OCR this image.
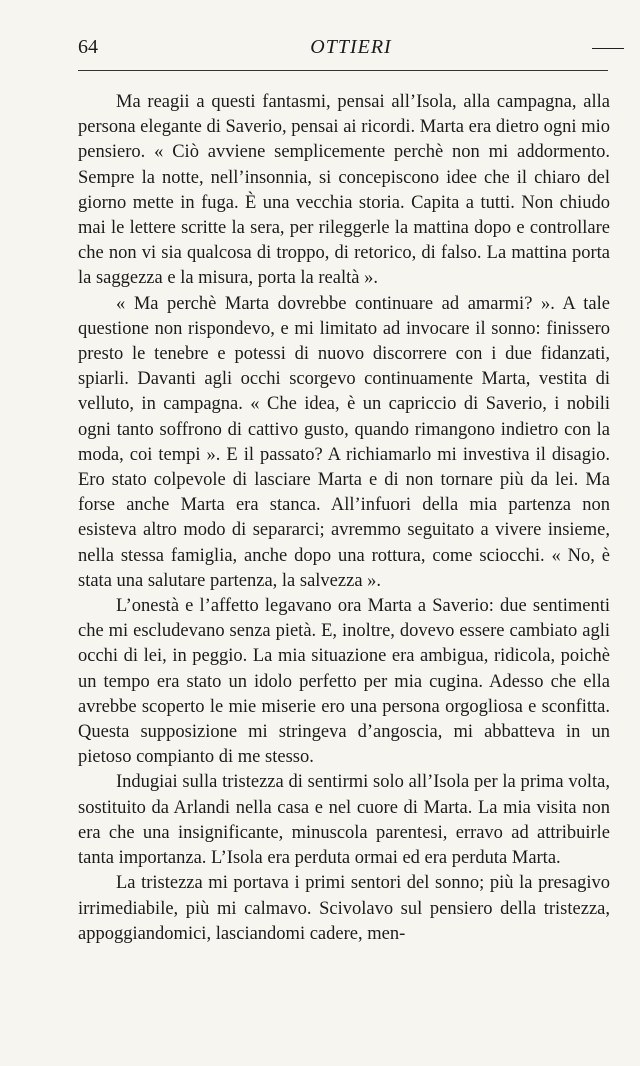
64	OTTIERI

Ma reagii a questi fantasmi, pensai all’Isola, alla campagna, alla persona elegante di Saverio, pensai ai ricordi. Marta era dietro ogni mio pensiero. « Ciò avviene semplicemente perchè non mi addormento. Sempre la notte, nell’insonnia, si concepiscono idee che il chiaro del giorno mette in fuga. È una vecchia storia. Capita a tutti. Non chiudo mai le lettere scritte la sera, per rileggerle la mattina dopo e controllare che non vi sia qualcosa di troppo, di retorico, di falso. La mattina porta la saggezza e la misura, porta la realtà ».

« Ma perchè Marta dovrebbe continuare ad amarmi? ». A tale questione non rispondevo, e mi limitato ad invocare il sonno: finissero presto le tenebre e potessi di nuovo discorrere con i due fidanzati, spiarli. Davanti agli occhi scorgevo continuamente Marta, vestita di velluto, in campagna. « Che idea, è un capriccio di Saverio, i nobili ogni tanto soffrono di cattivo gusto, quando rimangono indietro con la moda, coi tempi ». E il passato? A richiamarlo mi investiva il disagio. Ero stato colpevole di lasciare Marta e di non tornare più da lei. Ma forse anche Marta era stanca. All’infuori della mia partenza non esisteva altro modo di separarci; avremmo seguitato a vivere insieme, nella stessa famiglia, anche dopo una rottura, come sciocchi. « No, è stata una salutare partenza, la salvezza ».

L’onestà e l’affetto legavano ora Marta a Saverio: due sentimenti che mi escludevano senza pietà. E, inoltre, dovevo essere cambiato agli occhi di lei, in peggio. La mia situazione era ambigua, ridicola, poichè un tempo era stato un idolo perfetto per mia cugina. Adesso che ella avrebbe scoperto le mie miserie ero una persona orgogliosa e sconfitta. Questa supposizione mi stringeva d’angoscia, mi abbatteva in un pietoso compianto di me stesso.

Indugiai sulla tristezza di sentirmi solo all’Isola per la prima volta, sostituito da Arlandi nella casa e nel cuore di Marta. La mia visita non era che una insignificante, minuscola parentesi, erravo ad attribuirle tanta importanza. L’Isola era perduta ormai ed era perduta Marta.

La tristezza mi portava i primi sentori del sonno; più la presagivo irrimediabile, più mi calmavo. Scivolavo sul pensiero della tristezza, appoggiandomici, lasciandomi cadere, men-
